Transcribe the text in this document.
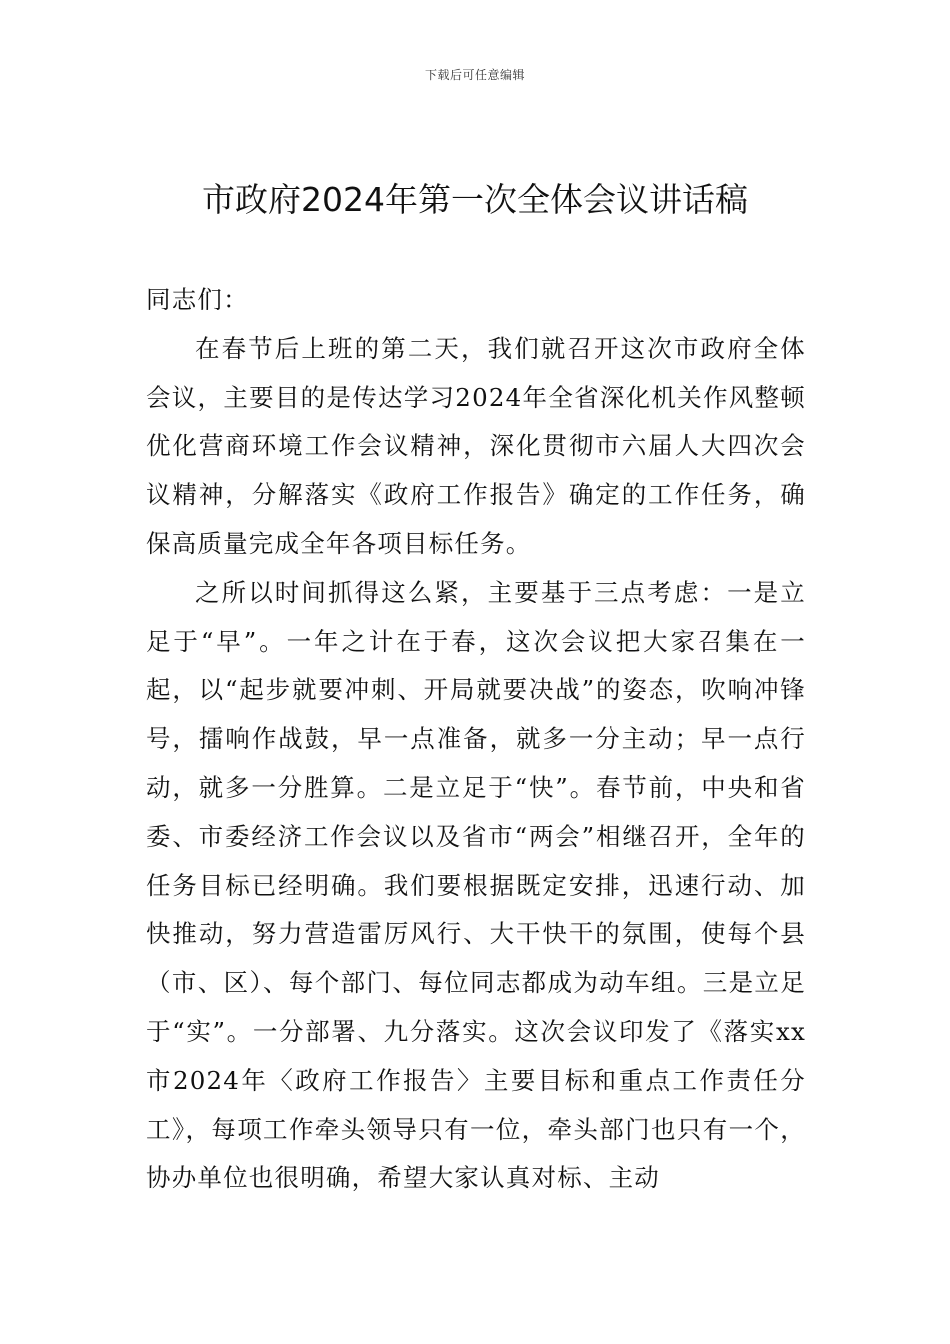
下载后可任意编辑
市政府2024年第一次全体会议讲话稿

同志们：

在春节后上班的第二天，我们就召开这次市政府全体会议，主要目的是传达学习2024年全省深化机关作风整顿优化营商环境工作会议精神，深化贯彻市六届人大四次会议精神，分解落实《政府工作报告》确定的工作任务，确保高质量完成全年各项目标任务。

之所以时间抓得这么紧，主要基于三点考虑：一是立足于“早”。一年之计在于春，这次会议把大家召集在一起，以“起步就要冲刺、开局就要决战”的姿态，吹响冲锋号，擂响作战鼓，早一点准备，就多一分主动；早一点行动，就多一分胜算。二是立足于“快”。春节前，中央和省委、市委经济工作会议以及省市“两会”相继召开，全年的任务目标已经明确。我们要根据既定安排，迅速行动、加快推动，努力营造雷厉风行、大干快干的氛围，使每个县（市、区）、每个部门、每位同志都成为动车组。三是立足于“实”。一分部署、九分落实。这次会议印发了《落实xx市2024年〈政府工作报告〉主要目标和重点工作责任分工》，每项工作牵头领导只有一位，牵头部门也只有一个，协办单位也很明确，希望大家认真对标、主动
